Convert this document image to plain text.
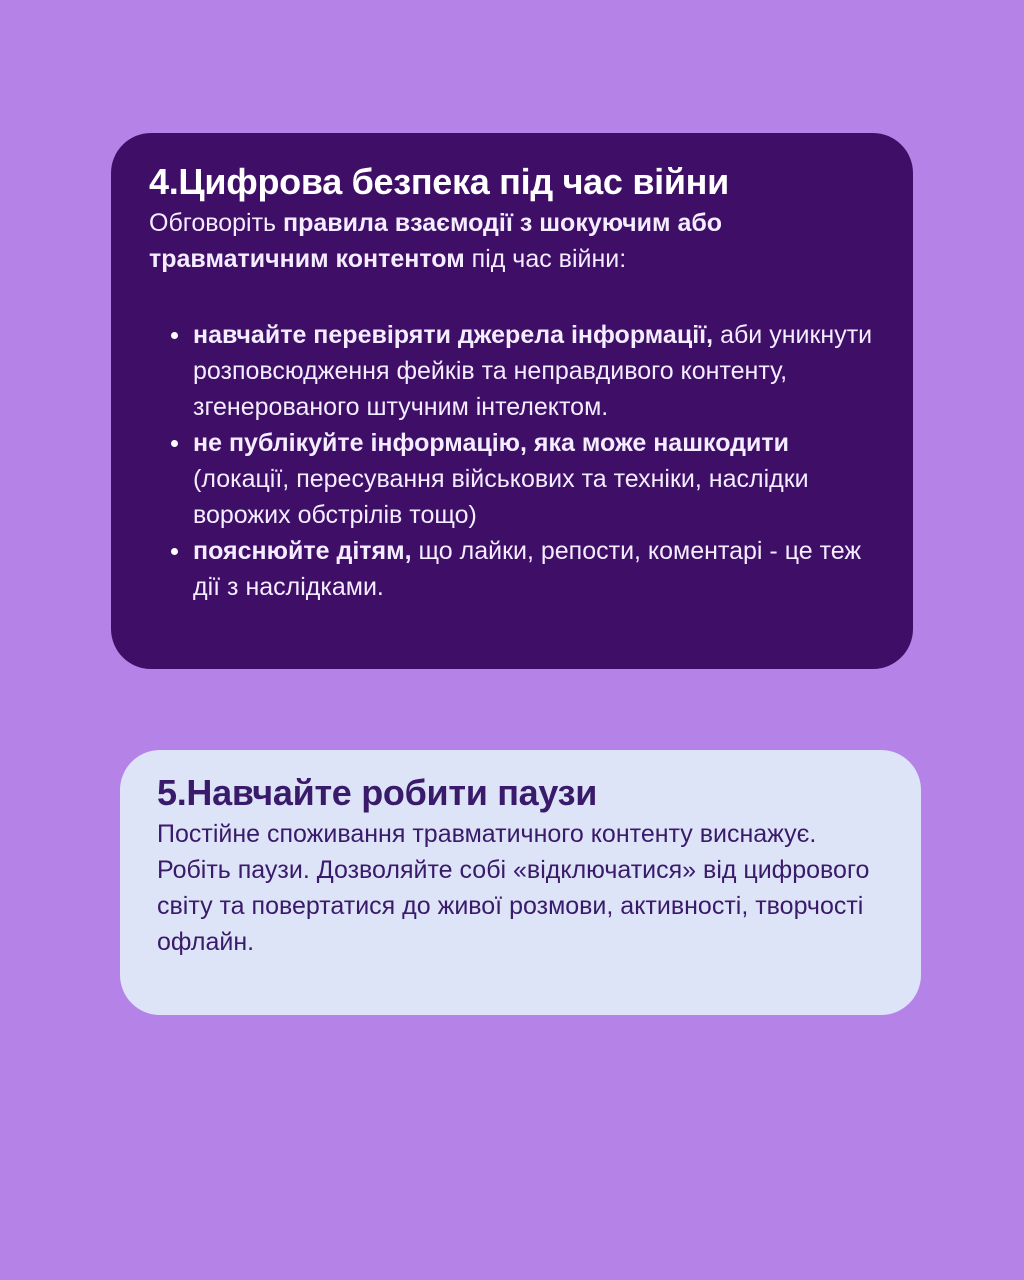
4.Цифрова безпека під час війни

Обговоріть правила взаємодії з шокуючим або травматичним контентом під час війни:

навчайте перевіряти джерела інформації, аби уникнути розповсюдження фейків та неправдивого контенту, згенерованого штучним інтелектом.
не публікуйте інформацію, яка може нашкодити (локації, пересування військових та техніки, наслідки ворожих обстрілів тощо)
пояснюйте дітям, що лайки, репости, коментарі - це теж дії з наслідками.
5.Навчайте робити паузи

Постійне споживання травматичного контенту виснажує.

Робіть паузи. Дозволяйте собі «відключатися» від цифрового світу та повертатися до живої розмови, активності, творчості офлайн.
